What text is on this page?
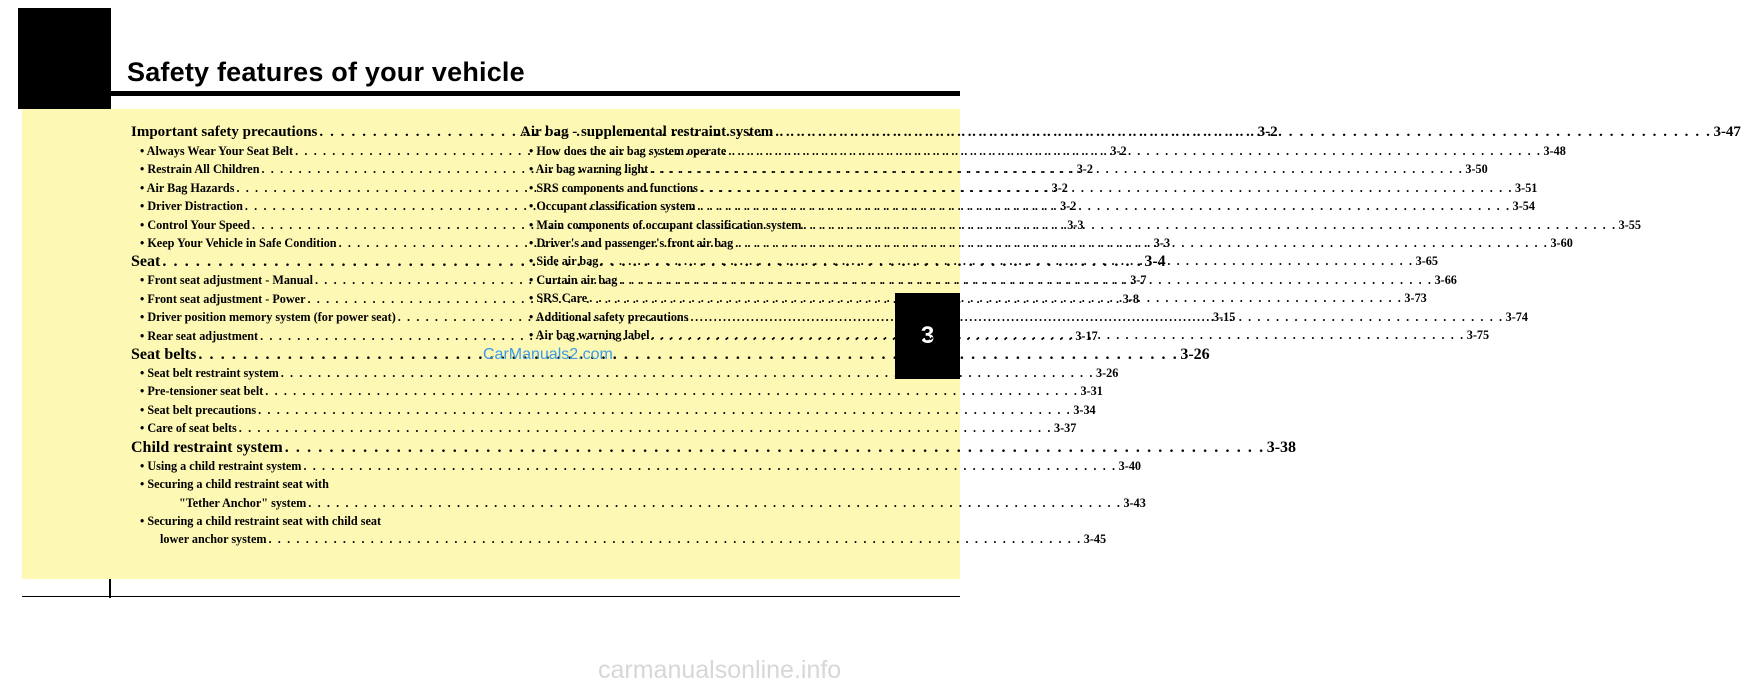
Safety features of your vehicle
3
Important safety precautions . . .	3-2
• Always Wear Your Seat Belt . . .	3-2
• Restrain All Children . . .	3-2
• Air Bag Hazards . . .	3-2
• Driver Distraction . . .	3-2
• Control Your Speed . . .	3-3
• Keep Your Vehicle in Safe Condition . . .	3-3
Seat . . .	3-4
• Front seat adjustment - Manual . . .	3-7
• Front seat adjustment - Power . . .	3-8
• Driver position memory system (for power seat) . . .	3-15
• Rear seat adjustment . . .	3-17
Seat belts . . .	3-26
• Seat belt restraint system . . .	3-26
• Pre-tensioner seat belt . . .	3-31
• Seat belt precautions . . .	3-34
• Care of seat belts . . .	3-37
Child restraint system . . .	3-38
• Using a child restraint system . . .	3-40
• Securing a child restraint seat with
"Tether Anchor" system . . .	3-43
• Securing a child restraint seat with child seat
lower anchor system . . .	3-45
Air bag - supplemental restraint system . . .	3-47
• How does the air bag system operate . . .	3-48
• Air bag warning light . . .	3-50
• SRS components and functions . . .	3-51
• Occupant classification system . . .	3-54
• Main components of occupant classification system . . .	3-55
• Driver's and passenger's front air bag . . .	3-60
• Side air bag . . .	3-65
• Curtain air bag . . .	3-66
• SRS Care . . .	3-73
• Additional safety precautions . . .	3-74
• Air bag warning label . . .	3-75
CarManuals2.com
carmanualsonline.info
